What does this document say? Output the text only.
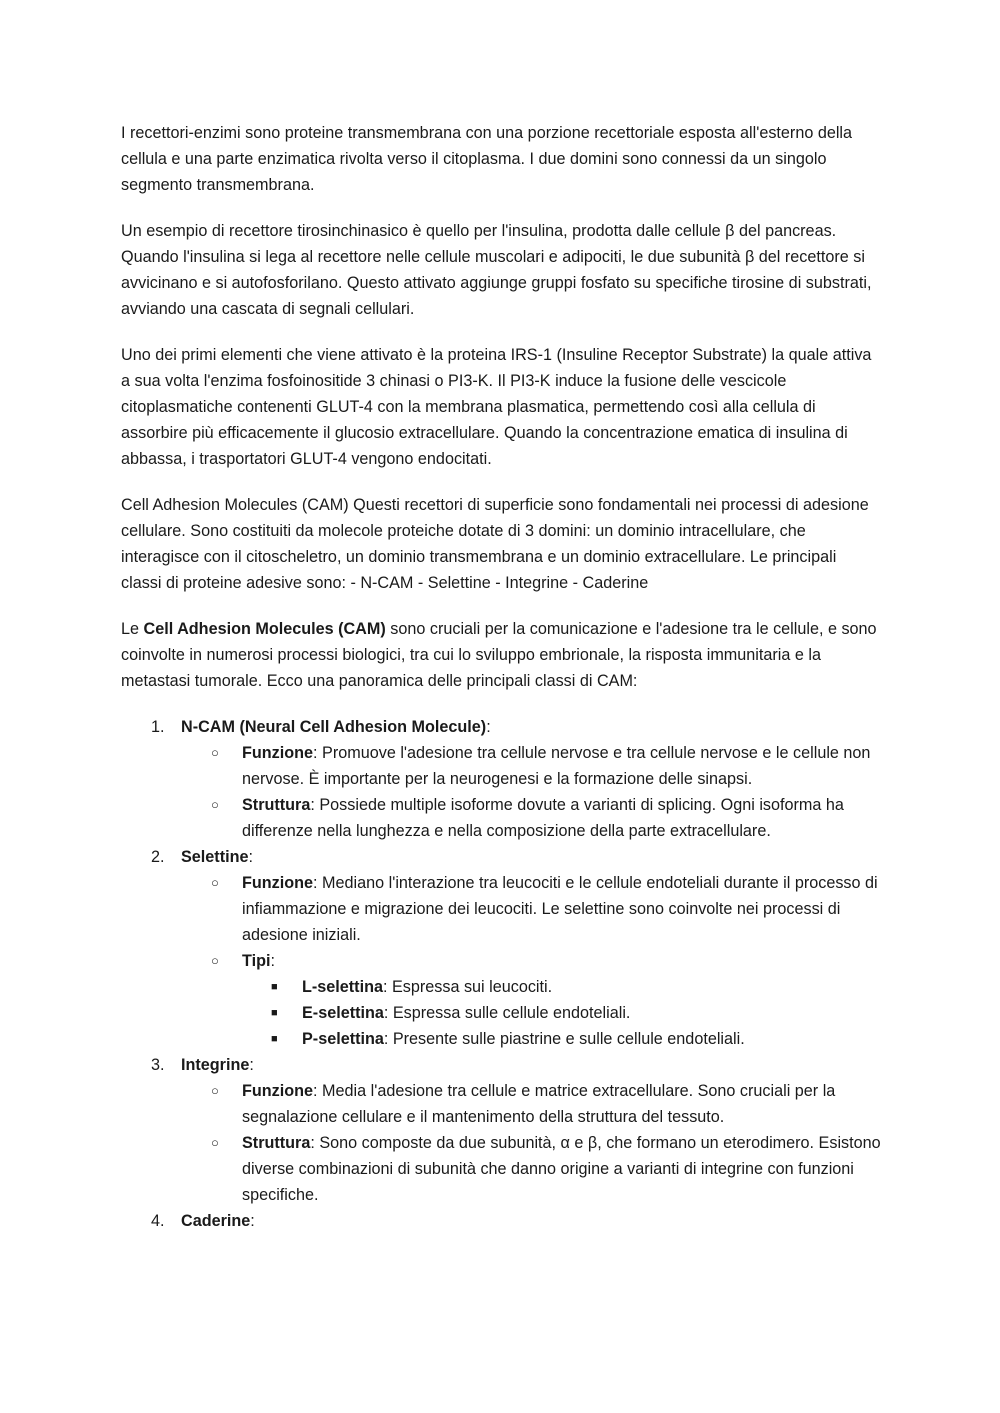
I recettori-enzimi sono proteine transmembrana con una porzione recettoriale esposta all'esterno della cellula e una parte enzimatica rivolta verso il citoplasma. I due domini sono connessi da un singolo segmento transmembrana.

Un esempio di recettore tirosinchinasico è quello per l'insulina, prodotta dalle cellule β del pancreas. Quando l'insulina si lega al recettore nelle cellule muscolari e adipociti, le due subunità β del recettore si avvicinano e si autofosforilano. Questo attivato aggiunge gruppi fosfato su specifiche tirosine di substrati, avviando una cascata di segnali cellulari.

Uno dei primi elementi che viene attivato è la proteina IRS-1 (Insuline Receptor Substrate) la quale attiva a sua volta l'enzima fosfoinositide 3 chinasi o PI3-K. Il PI3-K induce la fusione delle vescicole citoplasmatiche contenenti GLUT-4 con la membrana plasmatica, permettendo così alla cellula di assorbire più efficacemente il glucosio extracellulare. Quando la concentrazione ematica di insulina di abbassa, i trasportatori GLUT-4 vengono endocitati.

Cell Adhesion Molecules (CAM) Questi recettori di superficie sono fondamentali nei processi di adesione cellulare. Sono costituiti da molecole proteiche dotate di 3 domini: un dominio intracellulare, che interagisce con il citoscheletro, un dominio transmembrana e un dominio extracellulare. Le principali classi di proteine adesive sono: - N-CAM - Selettine - Integrine - Caderine

Le Cell Adhesion Molecules (CAM) sono cruciali per la comunicazione e l'adesione tra le cellule, e sono coinvolte in numerosi processi biologici, tra cui lo sviluppo embrionale, la risposta immunitaria e la metastasi tumorale. Ecco una panoramica delle principali classi di CAM:

1. N-CAM (Neural Cell Adhesion Molecule):
○ Funzione: Promuove l'adesione tra cellule nervose e tra cellule nervose e le cellule non nervose. È importante per la neurogenesi e la formazione delle sinapsi.
○ Struttura: Possiede multiple isoforme dovute a varianti di splicing. Ogni isoforma ha differenze nella lunghezza e nella composizione della parte extracellulare.
2. Selettine:
○ Funzione: Mediano l'interazione tra leucociti e le cellule endoteliali durante il processo di infiammazione e migrazione dei leucociti. Le selettine sono coinvolte nei processi di adesione iniziali.
○ Tipi:
■ L-selettina: Espressa sui leucociti.
■ E-selettina: Espressa sulle cellule endoteliali.
■ P-selettina: Presente sulle piastrine e sulle cellule endoteliali.
3. Integrine:
○ Funzione: Media l'adesione tra cellule e matrice extracellulare. Sono cruciali per la segnalazione cellulare e il mantenimento della struttura del tessuto.
○ Struttura: Sono composte da due subunità, α e β, che formano un eterodimero. Esistono diverse combinazioni di subunità che danno origine a varianti di integrine con funzioni specifiche.
4. Caderine:
